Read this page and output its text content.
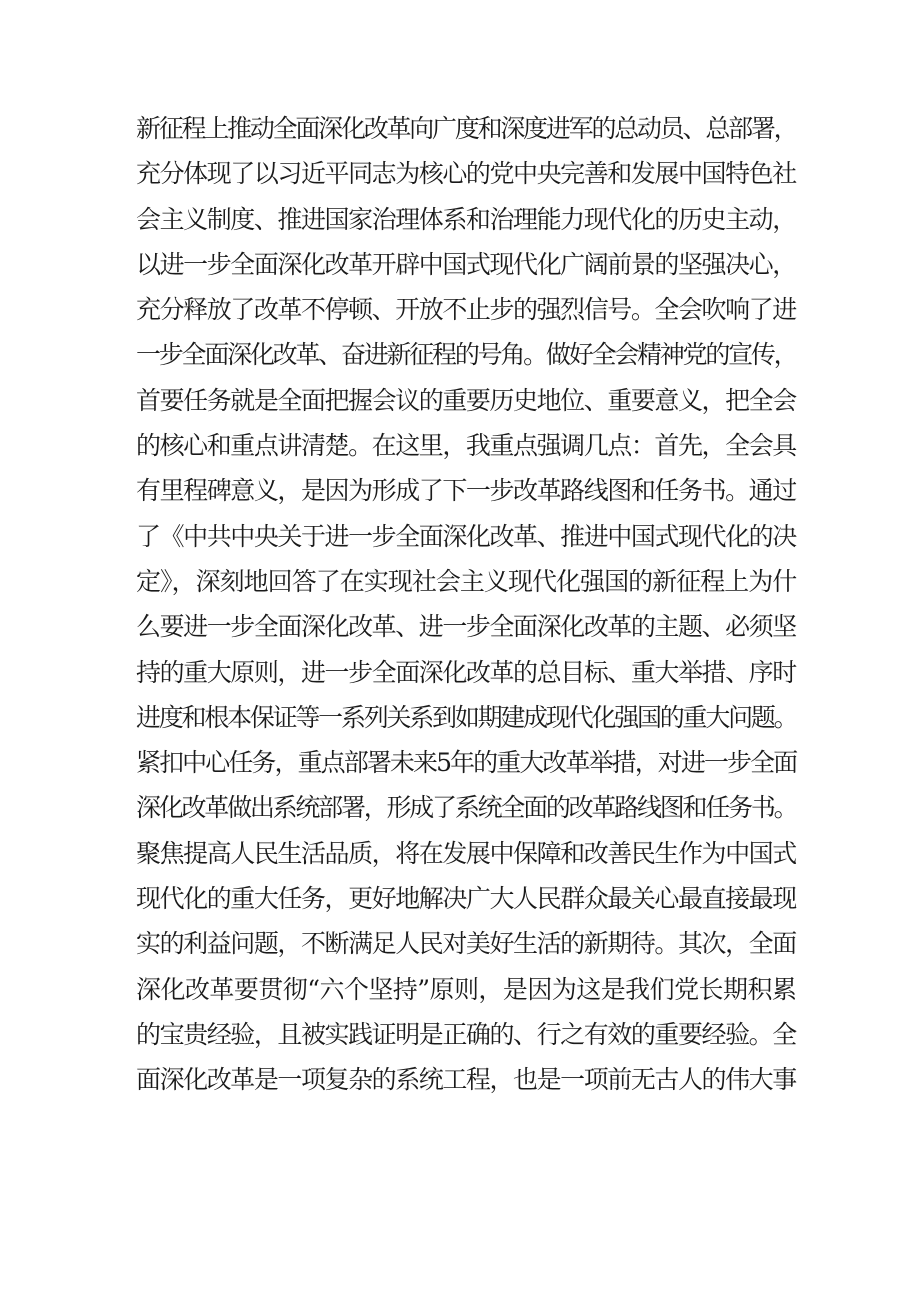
新征程上推动全面深化改革向广度和深度进军的总动员、总部署，
充分体现了以习近平同志为核心的党中央完善和发展中国特色社
会主义制度、推进国家治理体系和治理能力现代化的历史主动，
以进一步全面深化改革开辟中国式现代化广阔前景的坚强决心，
充分释放了改革不停顿、开放不止步的强烈信号。全会吹响了进
一步全面深化改革、奋进新征程的号角。做好全会精神党的宣传，
首要任务就是全面把握会议的重要历史地位、重要意义，把全会
的核心和重点讲清楚。在这里，我重点强调几点：首先，全会具
有里程碑意义，是因为形成了下一步改革路线图和任务书。通过
了《中共中央关于进一步全面深化改革、推进中国式现代化的决
定》，深刻地回答了在实现社会主义现代化强国的新征程上为什
么要进一步全面深化改革、进一步全面深化改革的主题、必须坚
持的重大原则，进一步全面深化改革的总目标、重大举措、序时
进度和根本保证等一系列关系到如期建成现代化强国的重大问题。
紧扣中心任务，重点部署未来5年的重大改革举措，对进一步全面
深化改革做出系统部署，形成了系统全面的改革路线图和任务书。
聚焦提高人民生活品质，将在发展中保障和改善民生作为中国式
现代化的重大任务，更好地解决广大人民群众最关心最直接最现
实的利益问题，不断满足人民对美好生活的新期待。其次，全面
深化改革要贯彻“六个坚持”原则，是因为这是我们党长期积累
的宝贵经验，且被实践证明是正确的、行之有效的重要经验。全
面深化改革是一项复杂的系统工程，也是一项前无古人的伟大事
